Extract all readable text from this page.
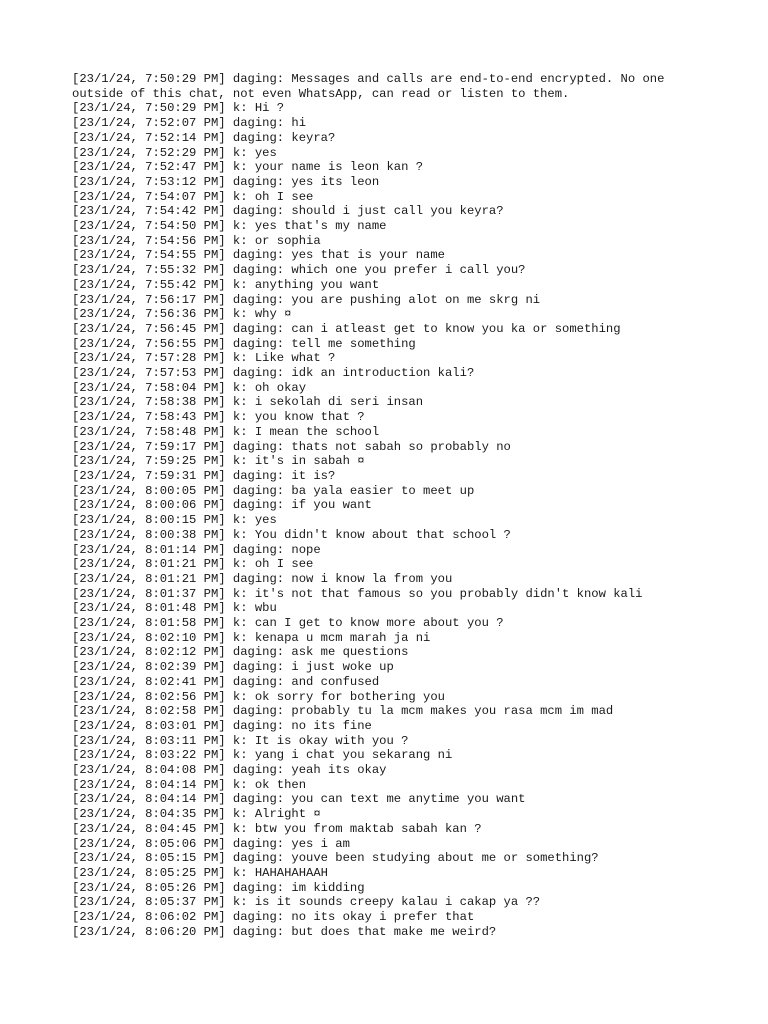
[23/1/24, 7:50:29 PM] daging: Messages and calls are end-to-end encrypted. No one
outside of this chat, not even WhatsApp, can read or listen to them.
[23/1/24, 7:50:29 PM] k: Hi ?
[23/1/24, 7:52:07 PM] daging: hi
[23/1/24, 7:52:14 PM] daging: keyra?
[23/1/24, 7:52:29 PM] k: yes
[23/1/24, 7:52:47 PM] k: your name is leon kan ?
[23/1/24, 7:53:12 PM] daging: yes its leon
[23/1/24, 7:54:07 PM] k: oh I see
[23/1/24, 7:54:42 PM] daging: should i just call you keyra?
[23/1/24, 7:54:50 PM] k: yes that's my name
[23/1/24, 7:54:56 PM] k: or sophia
[23/1/24, 7:54:55 PM] daging: yes that is your name
[23/1/24, 7:55:32 PM] daging: which one you prefer i call you?
[23/1/24, 7:55:42 PM] k: anything you want
[23/1/24, 7:56:17 PM] daging: you are pushing alot on me skrg ni
[23/1/24, 7:56:36 PM] k: why ¤
[23/1/24, 7:56:45 PM] daging: can i atleast get to know you ka or something
[23/1/24, 7:56:55 PM] daging: tell me something
[23/1/24, 7:57:28 PM] k: Like what ?
[23/1/24, 7:57:53 PM] daging: idk an introduction kali?
[23/1/24, 7:58:04 PM] k: oh okay
[23/1/24, 7:58:38 PM] k: i sekolah di seri insan
[23/1/24, 7:58:43 PM] k: you know that ?
[23/1/24, 7:58:48 PM] k: I mean the school
[23/1/24, 7:59:17 PM] daging: thats not sabah so probably no
[23/1/24, 7:59:25 PM] k: it's in sabah ¤
[23/1/24, 7:59:31 PM] daging: it is?
[23/1/24, 8:00:05 PM] daging: ba yala easier to meet up
[23/1/24, 8:00:06 PM] daging: if you want
[23/1/24, 8:00:15 PM] k: yes
[23/1/24, 8:00:38 PM] k: You didn't know about that school ?
[23/1/24, 8:01:14 PM] daging: nope
[23/1/24, 8:01:21 PM] k: oh I see
[23/1/24, 8:01:21 PM] daging: now i know la from you
[23/1/24, 8:01:37 PM] k: it's not that famous so you probably didn't know kali
[23/1/24, 8:01:48 PM] k: wbu
[23/1/24, 8:01:58 PM] k: can I get to know more about you ?
[23/1/24, 8:02:10 PM] k: kenapa u mcm marah ja ni
[23/1/24, 8:02:12 PM] daging: ask me questions
[23/1/24, 8:02:39 PM] daging: i just woke up
[23/1/24, 8:02:41 PM] daging: and confused
[23/1/24, 8:02:56 PM] k: ok sorry for bothering you
[23/1/24, 8:02:58 PM] daging: probably tu la mcm makes you rasa mcm im mad
[23/1/24, 8:03:01 PM] daging: no its fine
[23/1/24, 8:03:11 PM] k: It is okay with you ?
[23/1/24, 8:03:22 PM] k: yang i chat you sekarang ni
[23/1/24, 8:04:08 PM] daging: yeah its okay
[23/1/24, 8:04:14 PM] k: ok then
[23/1/24, 8:04:14 PM] daging: you can text me anytime you want
[23/1/24, 8:04:35 PM] k: Alright ¤
[23/1/24, 8:04:45 PM] k: btw you from maktab sabah kan ?
[23/1/24, 8:05:06 PM] daging: yes i am
[23/1/24, 8:05:15 PM] daging: youve been studying about me or something?
[23/1/24, 8:05:25 PM] k: HAHAHAHAAH
[23/1/24, 8:05:26 PM] daging: im kidding
[23/1/24, 8:05:37 PM] k: is it sounds creepy kalau i cakap ya ??
[23/1/24, 8:06:02 PM] daging: no its okay i prefer that
[23/1/24, 8:06:20 PM] daging: but does that make me weird?
